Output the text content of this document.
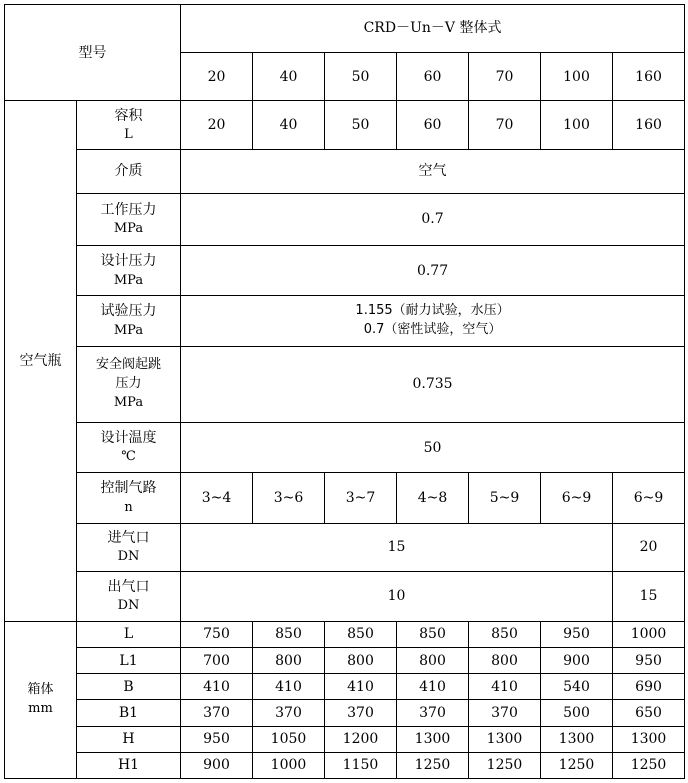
型号		CRD－Un－V 整体式						
		20	40	50	60	70	100	160
空气瓶	容积
L	20	40	50	60	70	100	160
	介质	空气						
	工作压力
MPa	0.7						
	设计压力
MPa	0.77						
	试验压力
MPa	1.155（耐力试验，水压）
0.7（密性试验，空气）						

	安全阀起跳
压力
MPa	0.735						
	设计温度
℃	50						
	控制气路
n	3~4	3~6	3~7	4~8	5~9	6~9	6~9
	进气口
DN	15						20
	出气口
DN	10						15

箱体
mm	L	750	850	850	850	850	950	1000
	L1	700	800	800	800	800	900	950
	B	410	410	410	410	410	540	690
	B1	370	370	370	370	370	500	650
	H	950	1050	1200	1300	1300	1300	1300
	H1	900	1000	1150	1250	1250	1250	1250
